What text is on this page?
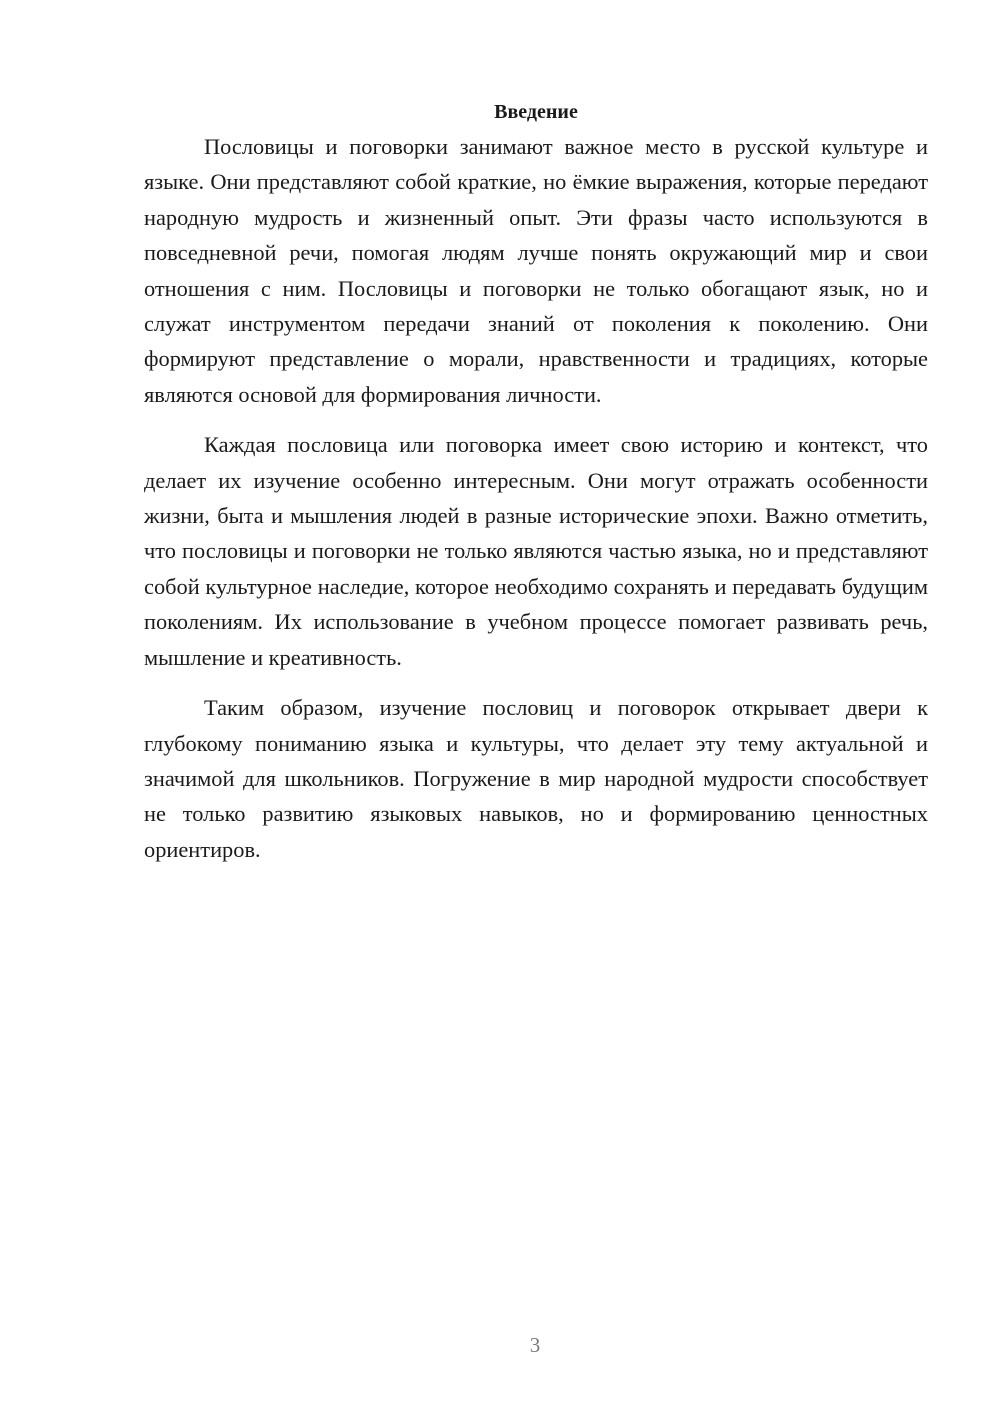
Введение

Пословицы и поговорки занимают важное место в русской культуре и языке. Они представляют собой краткие, но ёмкие выражения, которые передают народную мудрость и жизненный опыт. Эти фразы часто используются в повседневной речи, помогая людям лучше понять окружающий мир и свои отношения с ним. Пословицы и поговорки не только обогащают язык, но и служат инструментом передачи знаний от поколения к поколению. Они формируют представление о морали, нравственности и традициях, которые являются основой для формирования личности.

Каждая пословица или поговорка имеет свою историю и контекст, что делает их изучение особенно интересным. Они могут отражать особенности жизни, быта и мышления людей в разные исторические эпохи. Важно отметить, что пословицы и поговорки не только являются частью языка, но и представляют собой культурное наследие, которое необходимо сохранять и передавать будущим поколениям. Их использование в учебном процессе помогает развивать речь, мышление и креативность.

Таким образом, изучение пословиц и поговорок открывает двери к глубокому пониманию языка и культуры, что делает эту тему актуальной и значимой для школьников. Погружение в мир народной мудрости способствует не только развитию языковых навыков, но и формированию ценностных ориентиров.

3
